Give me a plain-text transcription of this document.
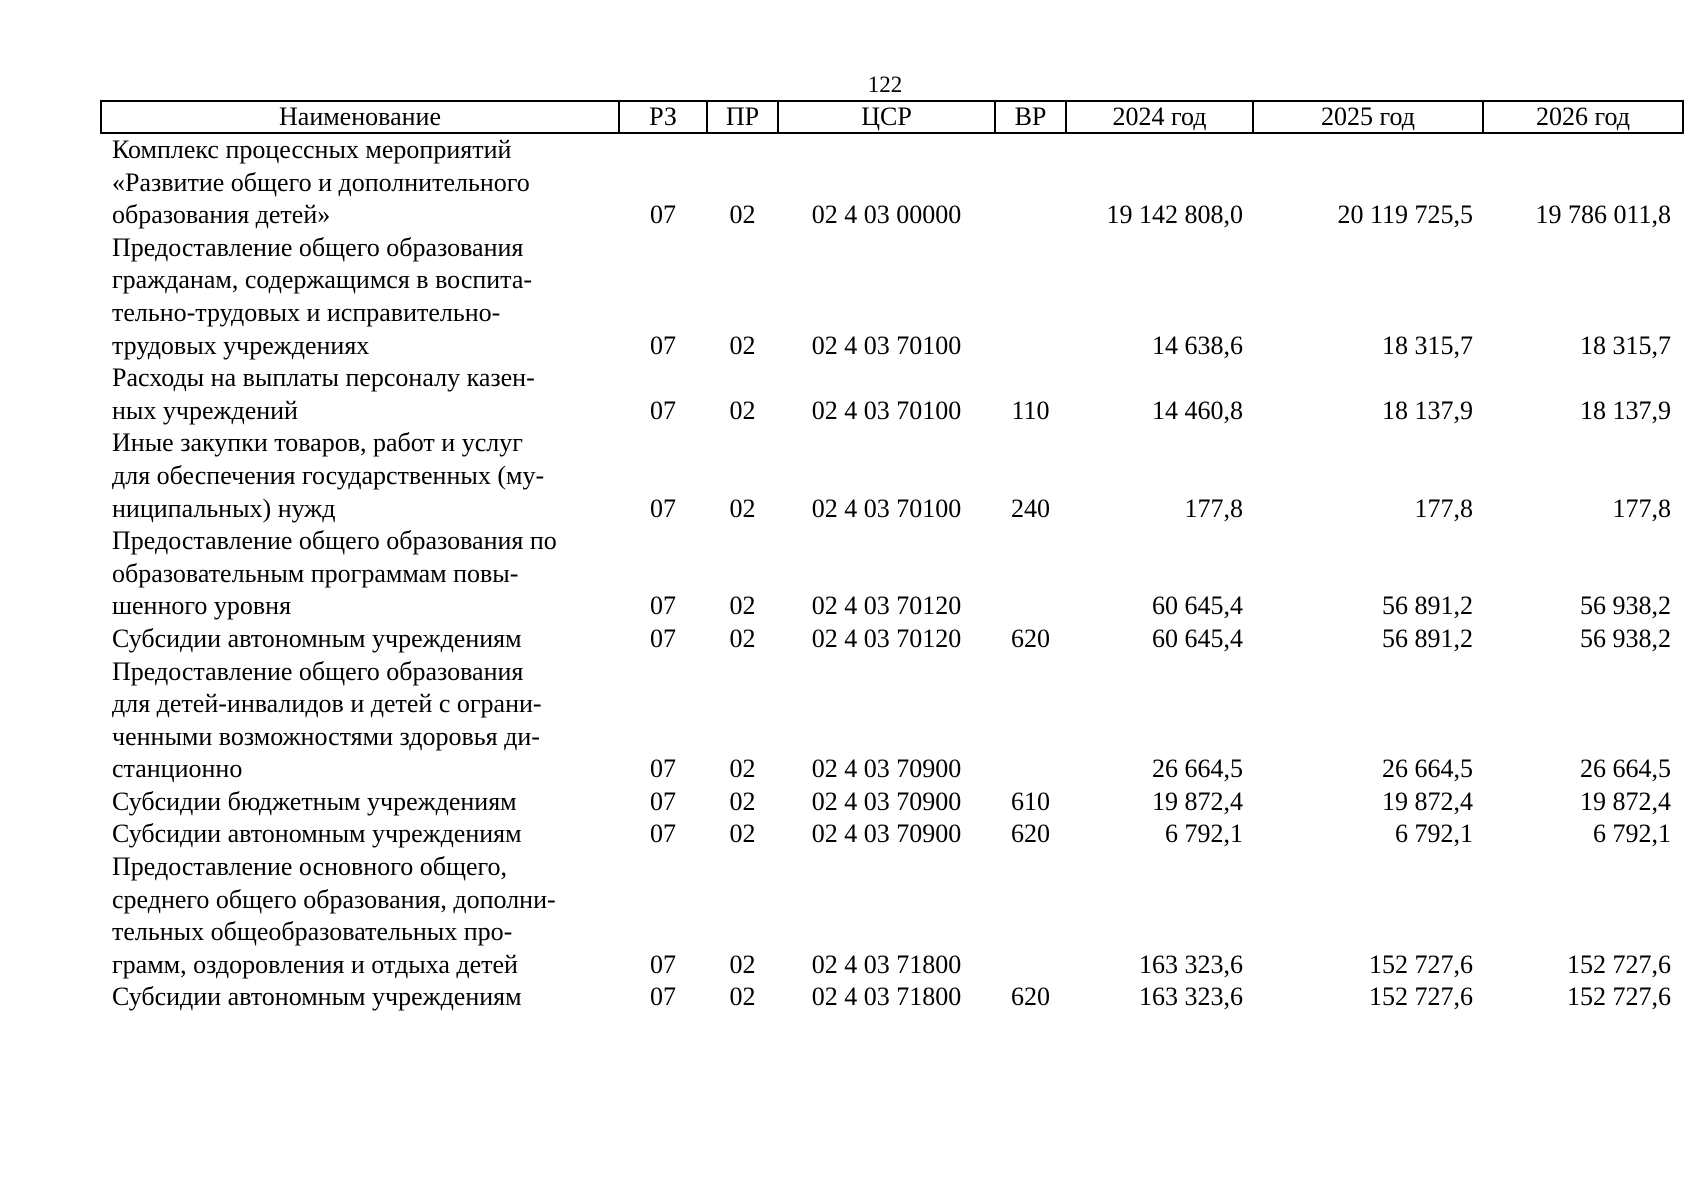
122
Наименование	РЗ	ПР	ЦСР	ВР	2024 год	2025 год	2026 год
Комплекс процессных мероприятий
«Развитие общего и дополнительного
образования детей»	07	02	02 4 03 00000		19 142 808,0	20 119 725,5	19 786 011,8
Предоставление общего образования
гражданам, содержащимся в воспита-
тельно-трудовых и исправительно-
трудовых учреждениях	07	02	02 4 03 70100		14 638,6	18 315,7	18 315,7
Расходы на выплаты персоналу казен-
ных учреждений	07	02	02 4 03 70100	110	14 460,8	18 137,9	18 137,9
Иные закупки товаров, работ и услуг
для обеспечения государственных (му-
ниципальных) нужд	07	02	02 4 03 70100	240	177,8	177,8	177,8
Предоставление общего образования по
образовательным программам повы-
шенного уровня	07	02	02 4 03 70120		60 645,4	56 891,2	56 938,2
Субсидии автономным учреждениям	07	02	02 4 03 70120	620	60 645,4	56 891,2	56 938,2
Предоставление общего образования
для детей-инвалидов и детей с ограни-
ченными возможностями здоровья ди-
станционно	07	02	02 4 03 70900		26 664,5	26 664,5	26 664,5
Субсидии бюджетным учреждениям	07	02	02 4 03 70900	610	19 872,4	19 872,4	19 872,4
Субсидии автономным учреждениям	07	02	02 4 03 70900	620	6 792,1	6 792,1	6 792,1
Предоставление основного общего,
среднего общего образования, дополни-
тельных общеобразовательных про-
грамм, оздоровления и отдыха детей	07	02	02 4 03 71800		163 323,6	152 727,6	152 727,6
Субсидии автономным учреждениям	07	02	02 4 03 71800	620	163 323,6	152 727,6	152 727,6
